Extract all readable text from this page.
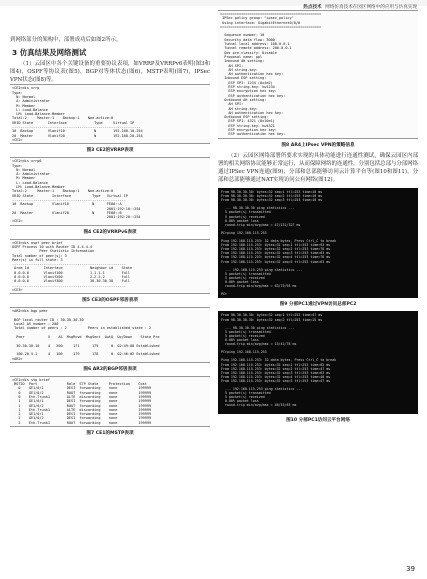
热点技术 网络仿真技术在园区网络中的应用与仿真实现

到网络部分的架构中，部署成功后如图2所示。

3 仿真结果及网络测试

（1）云园区中各个关键设备的重要协议表项，如VRRP及VRRPv6表明(图3和图4)，OSPF等协议表(图5)，BGP对等体状态(图6)，MSTP表明(图7)，IPSec VPN状态(图8)等。

<CE2>dis vrrp
Type:
N: Normal
A: Administrator
M: Member
L: Load-Balance
LM: Load-Balance-Member
Total:2     Master:1    Backup:1    Non-active:0
VRID State       Interface             Type     Virtual IP
-------------------------------------------------------------
10  Backup       Vlanif10              N        192.168.10.254
20  Master       Vlanif20              N        192.168.20.254
<CE2>
图3 CE2的VRRP表项
<CE2>dis vrrp6
Type:
N: Normal
A: Administrator
M: Member
L: Load-Balance
LM: Load-Balance-Member
Total:2     Master:1    Backup:1    Non-active:0
VRID State         Interface          Type   Virtual IP
------------------------------------------------------
10  Backup         Vlanif10           N      FE80::A
2001:192:10::254
20  Master         Vlanif20           N      FE80::B
2001:192:20::254
<CE2>
图4 CE2的VRRPv6表项
<CE3>dis ospf peer brief
OSPF Process 10 with Router ID 4.4.4.4
Peer Statistic Information
Total number of peer(s): 3
Peer(s) in full state: 3
------------------------------------------------------
Area Id       Interface             Neighbor id    State
0.0.0.0       Vlanif100             1.1.1.1        Full
0.0.0.0       Vlanif200             2.2.2.2        Full
0.0.0.0       Vlanif300             30.30.30.30    Full
------------------------------------------------------
<CE3>
图5 CE3的OSPF邻居表项
<AR2>dis bgp peer
BGP local router ID : 30.30.30.30
Local AS number : 200
Total number of peers : 2          Peers in established state : 2
Peer           V    AS  MsgRcvd  MsgSent  OutQ  Up/Down    State Pre
30.30.30.10    4   200     171      179      0  02:49:08 Established
100.20.5.1     4   100     179      178      0  02:46:02 Established
<AR2>
图6 AR2的BGP邻居表项
<CE1>dis stp brief
MSTID  Port              Role  STP State     Protection    Cost
0    GE1/0/1           DESI  forwarding    none          199999
0    GE1/0/2           ROOT  forwarding    none          199999
0    Eth-Trunk1        ALTE  discarding    none          199999
1    GE1/0/1           DESI  forwarding    none          199999
1    GE1/0/2           ROOT  forwarding    none          199999
1    Eth-Trunk1        ALTE  discarding    none          199999
2    GE1/0/1           DESI  forwarding    none          199999
2    GE1/0/2           DESI  forwarding    none          199999
2    Eth-Trunk1        ROOT  forwarding    none          199999
图7 CE1的MSTP表项
================================================
IPSec policy group: "ipsec_policy"
Using interface: GigabitEthernet0/0/0
================================================
Sequence number: 10
Security data flow: 3000
Tunnel local address: 100.0.0.1
Tunnel remote address: 200.0.0.1
Qos pre-classify: Disable
Proposal name: ppl
Inbound AH setting:
AH SPI:
AH string-key:
AH authentication hex key:
Inbound ESP setting:
ESP SPI: 1234 (0x4d2)
ESP string-key: hw1234
ESP encryption hex key:
ESP authentication hex key:
Outbound AH setting:
AH SPI:
AH string-key:
AH authentication hex key:
Outbound ESP setting:
ESP SPI: 4321 (0x10e1)
ESP string-key: hw4321
ESP encryption hex key:
ESP authentication hex key:
图8 AR4上IPsec VPN的策略信息

（2）云园区网络部署所要求实现的具体功能进行连通性测试，确保云园区内部署的相关网络协议能够正常运行，从而保障网络的连通性。分别包括总部与分部网络通过IPSec VPN连通(图9)，分部和总部能够访问云计算平台等(图10和图11)，分部和总部能够通过NAT实现访问公有网络(图12)。

From 98.30.30.30: bytes=32 seq=1 ttl=253 time=10 ms
From 98.30.30.30: bytes=32 seq=2 ttl=253 time=10 ms
From 98.30.30.30: bytes=32 seq=3 ttl=253 time=10 ms
--- 98.30.30.30 ping statistics ---
5 packet(s) transmitted
5 packet(s) received
0.00% packet loss
round-trip min/avg/max = 47/131/327 ms
PC>ping 192.168.115.253
Ping 192.168.115.253: 32 data bytes, Press Ctrl_C to break
From 192.168.115.253: bytes=32 seq=1 ttl=253 time=93 ms
From 192.168.115.253: bytes=32 seq=2 ttl=253 time=78 ms
From 192.168.115.253: bytes=32 seq=3 ttl=253 time=63 ms
From 192.168.115.253: bytes=32 seq=4 ttl=253 time=78 ms
From 192.168.115.253: bytes=32 seq=5 ttl=253 time=63 ms
--- 192.168.115.253 ping statistics ---
5 packet(s) transmitted
5 packet(s) received
0.00% packet loss
round-trip min/avg/max = 63/75/93 ms
PC>
图9 分部PC1通过VPN访问总部PC2
From 98.30.30.30: bytes=32 seq=1 ttl=253 time=47 ms
From 98.30.30.30: bytes=32 seq=2 ttl=253 time=15 ms
--- 98.30.30.30 ping statistics ---
5 packet(s) transmitted
5 packet(s) received
0.00% packet loss
round-trip min/avg/max = 15/41/78 ms
PC>ping 192.168.115.253
Ping 192.168.115.253: 32 data bytes, Press Ctrl_C to break
From 192.168.115.253: bytes=32 seq=1 ttl=253 time=62 ms
From 192.168.115.253: bytes=32 seq=2 ttl=253 time=47 ms
From 192.168.115.253: bytes=32 seq=3 ttl=253 time=63 ms
From 192.168.115.253: bytes=32 seq=4 ttl=253 time=46 ms
From 192.168.115.253: bytes=32 seq=5 ttl=253 time=47 ms
--- 192.168.115.253 ping statistics ---
5 packet(s) transmitted
5 packet(s) received
0.00% packet loss
round-trip min/avg/max = 46/53/63 ms
图10 分部PC1访问云平台网络
39
